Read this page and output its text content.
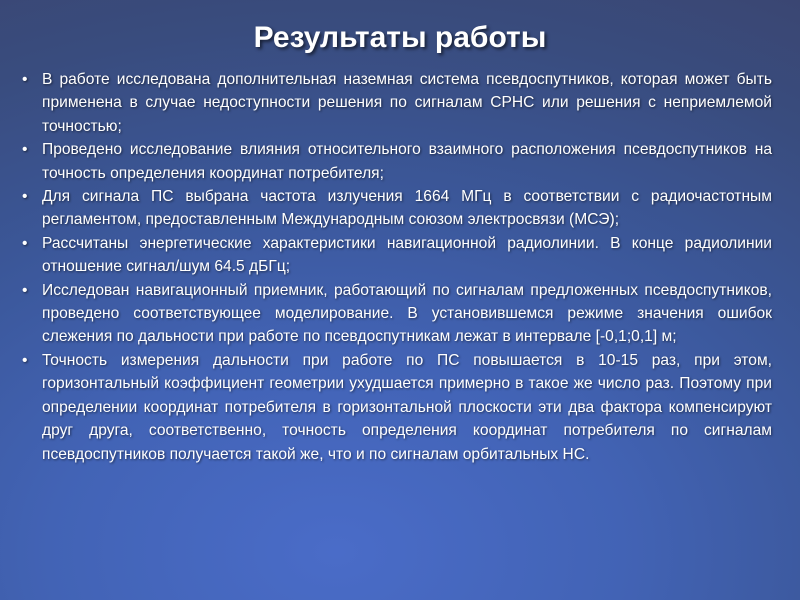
Результаты работы
• В работе исследована дополнительная наземная система псевдоспутников, которая может быть применена в случае недоступности решения по сигналам СРНС или решения с неприемлемой точностью;
• Проведено исследование влияния относительного взаимного расположения псевдоспутников на точность определения координат потребителя;
• Для сигнала ПС выбрана частота излучения 1664 МГц в соответствии с радиочастотным регламентом, предоставленным Международным союзом электросвязи (МСЭ);
• Рассчитаны энергетические характеристики навигационной радиолинии. В конце радиолинии отношение сигнал/шум 64.5 дБГц;
• Исследован навигационный приемник, работающий по сигналам предложенных псевдоспутников, проведено соответствующее моделирование. В установившемся режиме значения ошибок слежения по дальности при работе по псевдоспутникам лежат в интервале [-0,1;0,1] м;
• Точность измерения дальности при работе по ПС повышается в 10-15 раз, при этом, горизонтальный коэффициент геометрии ухудшается примерно в такое же число раз. Поэтому при определении координат потребителя в горизонтальной плоскости эти два фактора компенсируют друг друга, соответственно, точность определения координат потребителя по сигналам псевдоспутников получается такой же, что и по сигналам орбитальных НС.
